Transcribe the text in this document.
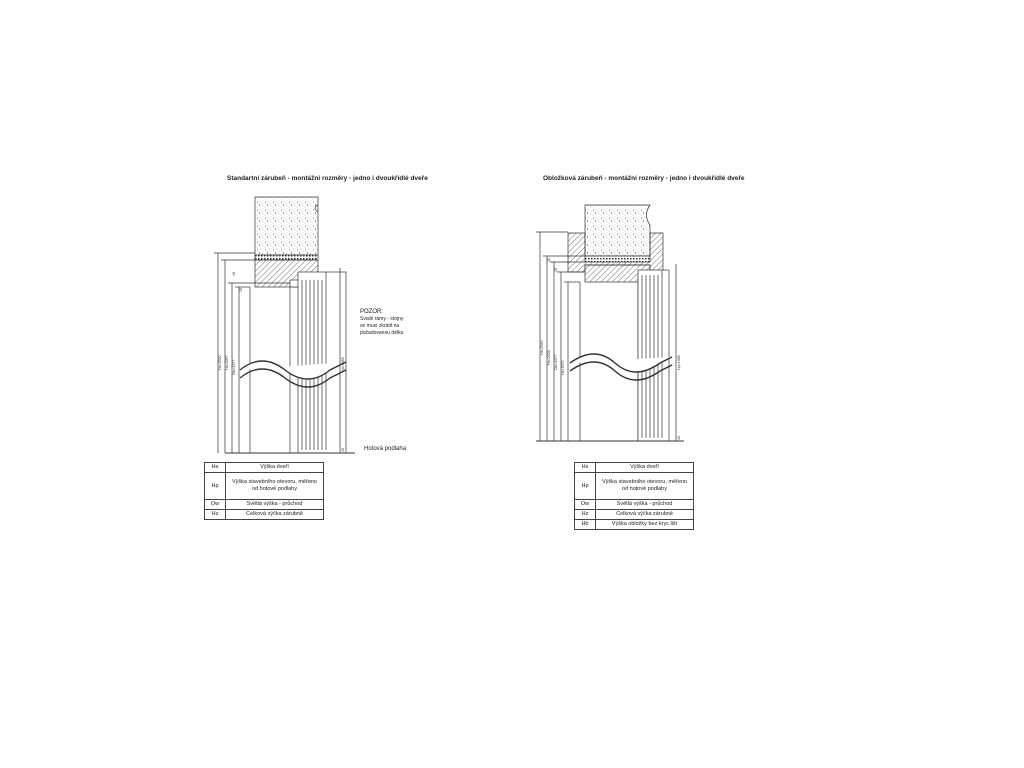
Standartní zárubeň - montážní rozměry - jedno i dvoukřídlé dveře	Obložková zárubeň - montážní rozměry - jedno i dvoukřídlé dveře
Hs=2020 Hz=2057 Ow=1977	Hp=1985
40
15
45
Hz=2040
Hb=2020 Ow=1977 Hs=1970	Hp=1985
10
15
40
POZOR:
Svislé rámy - stojny
se musí zkrátit na
požadovanou délku
Hotová podlaha
Hs	Výška dveří
Hp	Výška stavebního otevoru, měřeno od hotové podlahy
Ow	Světlá výška - průchod
Hz	Celková výčka zárubně
Hs	Výška dveří
Hp	Výška stavebního otevoru, měřeno od hotové podlahy
Ow	Světlá výška - průchod
Hz	Celková výčka zárubně
Hb	Výška obložky bez kryc.lišt
